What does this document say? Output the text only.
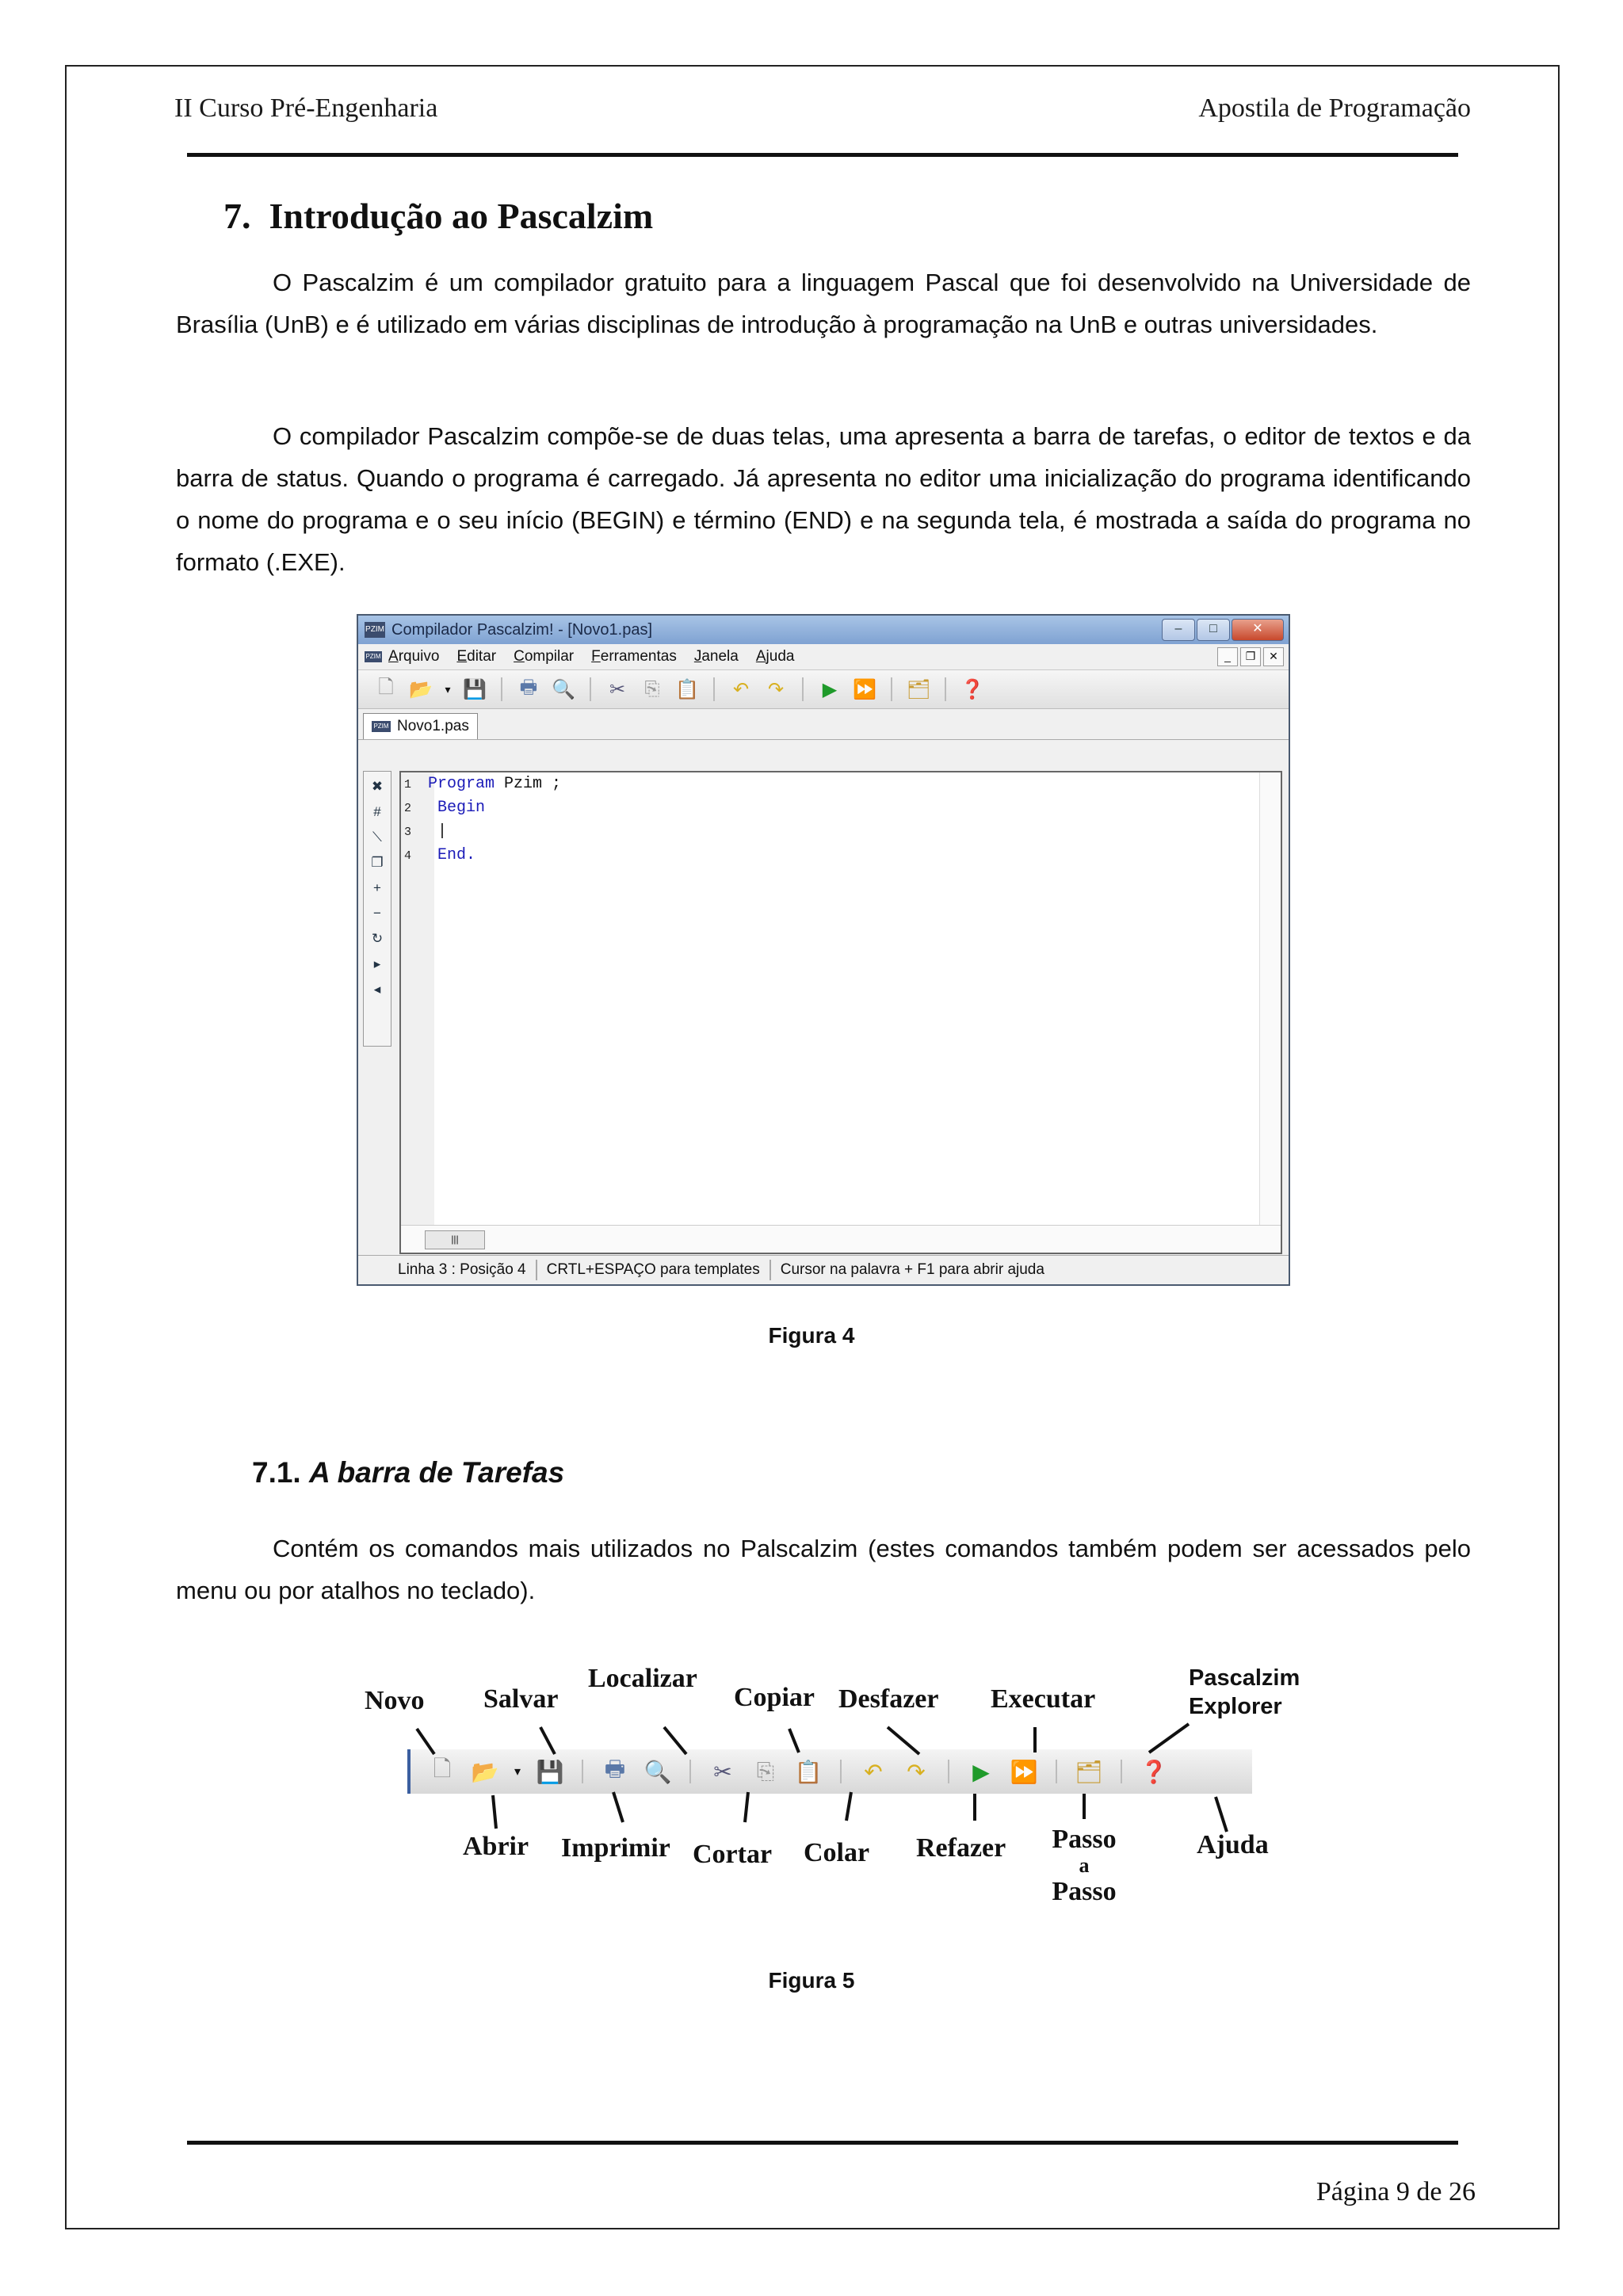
II Curso Pré-Engenharia	Apostila de Programação
7. Introdução ao Pascalzim

O Pascalzim é um compilador gratuito para a linguagem Pascal que foi desenvolvido na Universidade de Brasília (UnB) e é utilizado em várias disciplinas de introdução à programação na UnB e outras universidades.

O compilador Pascalzim compõe-se de duas telas, uma apresenta a barra de tarefas, o editor de textos e da barra de status. Quando o programa é carregado. Já apresenta no editor uma inicialização do programa identificando o nome do programa e o seu início (BEGIN) e término (END) e na segunda tela, é mostrada a saída do programa no formato (.EXE).

PZIM Compilador Pascalzim! - [Novo1.pas]	–	□	✕
PZIM Arquivo Editar Compilar Ferramentas Janela Ajuda	_	❐	✕
🗋 📂	▾ 💾	🖶 🔍	✂	⎘ 📋	↶ ↷	▶ ⏩ 🗂 ❓
PZIM Novo1.pas
✖
#
⟍
❐
+
−
↻
▸
◂
1 Program Pzim ;
2 Begin
3 |
4 End.
|||
Linha 3 : Posição 4	CRTL+ESPAÇO para templates	Cursor na palavra + F1 para abrir ajuda
Figura 4
7.1. A barra de Tarefas

Contém os comandos mais utilizados no Palscalzim (estes comandos também podem ser acessados pelo menu ou por atalhos no teclado).

🗋 📂	▾ 💾	🖶 🔍	✂	⎘ 📋	↶	↷	▶ ⏩ 🗂 ❓
Novo Salvar
Localizar
Copiar Desfazer Executar
Pascalzim
Explorer
Abrir Imprimir Cortar Colar Refazer Passo
a
Passo
Ajuda
Figura 5
Página 9 de 26
